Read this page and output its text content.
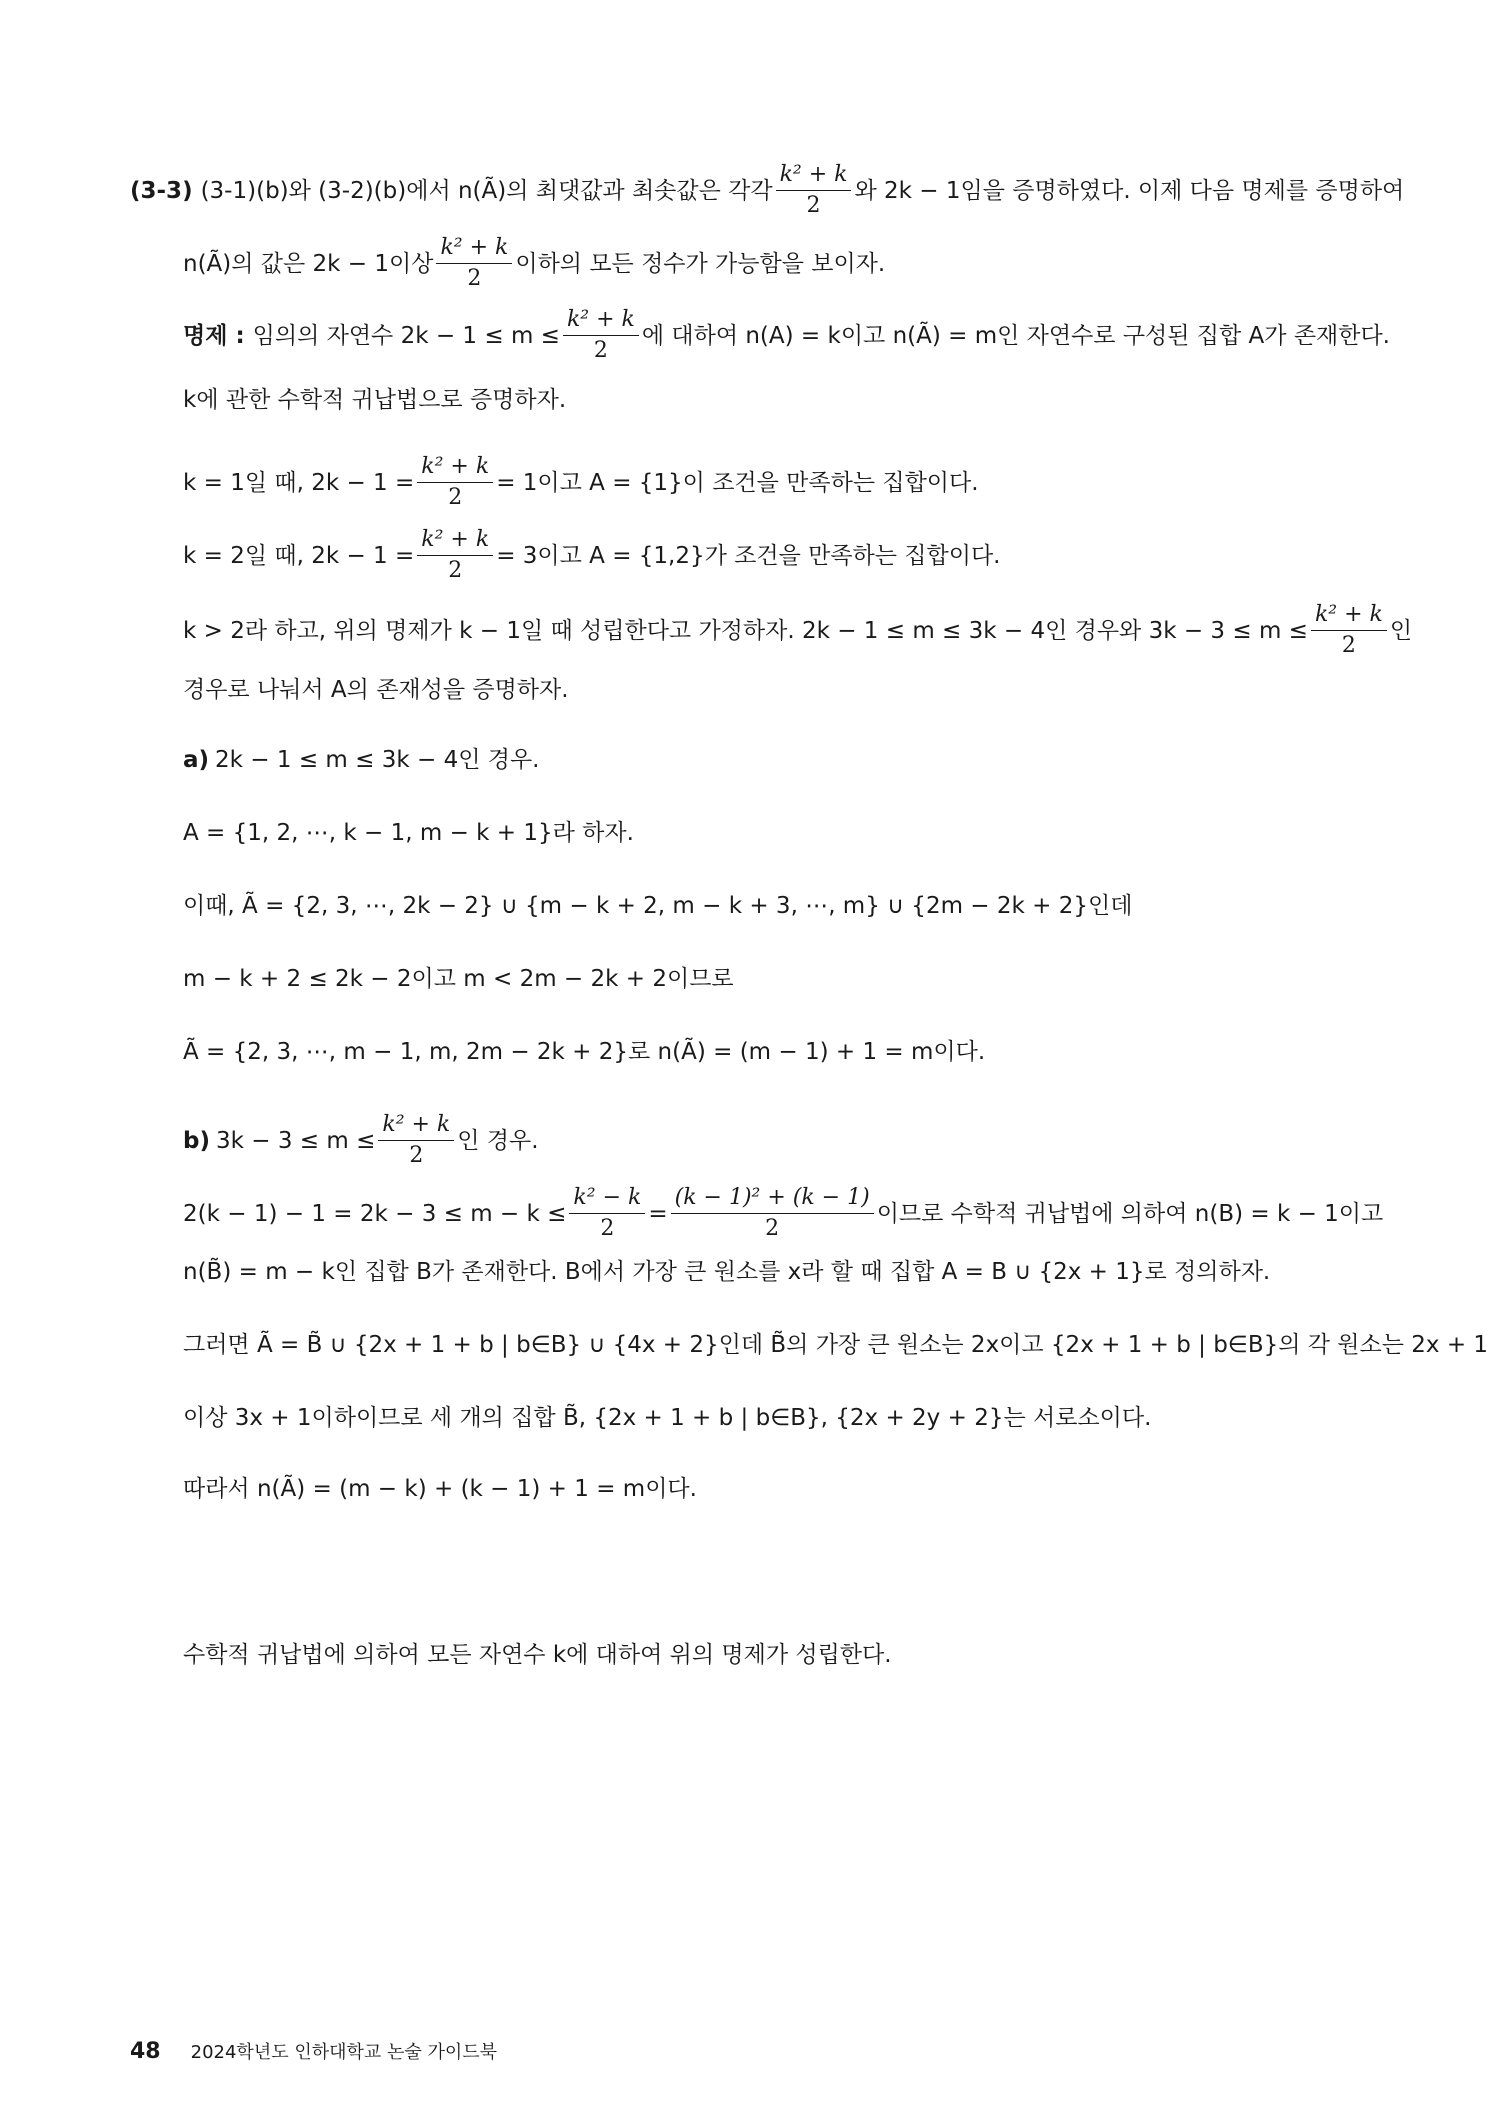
(3-3) (3-1)(b)와 (3-2)(b)에서 n(Ã)의 최댓값과 최솟값은 각각 $\frac{\text{k² + k}}{2}$ 와 2k − 1임을 증명하였다. 이제 다음 명제를 증명하여
n(Ã)의 값은 2k − 1이상 $\frac{\text{k² + k}}{2}$ 이하의 모든 정수가 가능함을 보이자.
명제 : 임의의 자연수 $2k - 1 \le m \le \frac{\text{k² + k}}{2}$ 에 대하여 n(A) = k이고 n(Ã) = m인 자연수로 구성된 집합 A가 존재한다.
k에 관한 수학적 귀납법으로 증명하자.
k = 1일 때, $2k - 1 = \frac{\text{k² + k}}{2} = 1$이고 A = {1}이 조건을 만족하는 집합이다.
k = 2일 때, $2k - 1 = \frac{\text{k² + k}}{2} = 3$이고 A = {1,2}가 조건을 만족하는 집합이다.
k > 2라 하고, 위의 명제가 k − 1일 때 성립한다고 가정하자. 2k − 1 ≤ m ≤ 3k − 4인 경우와 $3k - 3 \le m \le \frac{\text{k² + k}}{2}$ 인
경우로 나눠서 A의 존재성을 증명하자.
a) 2k − 1 ≤ m ≤ 3k − 4인 경우.
A = {1, 2, ⋯, k − 1, m − k + 1}라 하자.
이때, Ã = {2, 3, ⋯, 2k − 2} ∪ {m − k + 2, m − k + 3, ⋯, m} ∪ {2m − 2k + 2}인데
m − k + 2 ≤ 2k − 2이고 m < 2m − 2k + 2이므로
Ã = {2, 3, ⋯, m − 1, m, 2m − 2k + 2}로 n(Ã) = (m − 1) + 1 = m이다.
b) $3k - 3 \le m \le \frac{\text{k² + k}}{2}$ 인 경우.
$2(k - 1) - 1 = 2k - 3 \le m - k \le \frac{\text{k² − k}}{2} = \frac{\text{(k − 1)² + (k − 1)}}{2}$ 이므로 수학적 귀납법에 의하여 n(B) = k − 1이고
n(B̃) = m − k인 집합 B가 존재한다. B에서 가장 큰 원소를 x라 할 때 집합 A = B ∪ {2x + 1}로 정의하자.
그러면 Ã = B̃ ∪ {2x + 1 + b | b∈B} ∪ {4x + 2}인데 B̃의 가장 큰 원소는 2x이고 {2x + 1 + b | b∈B}의 각 원소는 2x + 1
이상 3x + 1이하이므로 세 개의 집합 B̃, {2x + 1 + b | b∈B}, {2x + 2y + 2}는 서로소이다.
따라서 n(Ã) = (m − k) + (k − 1) + 1 = m이다.
수학적 귀납법에 의하여 모든 자연수 k에 대하여 위의 명제가 성립한다.
48 2024학년도 인하대학교 논술 가이드북
